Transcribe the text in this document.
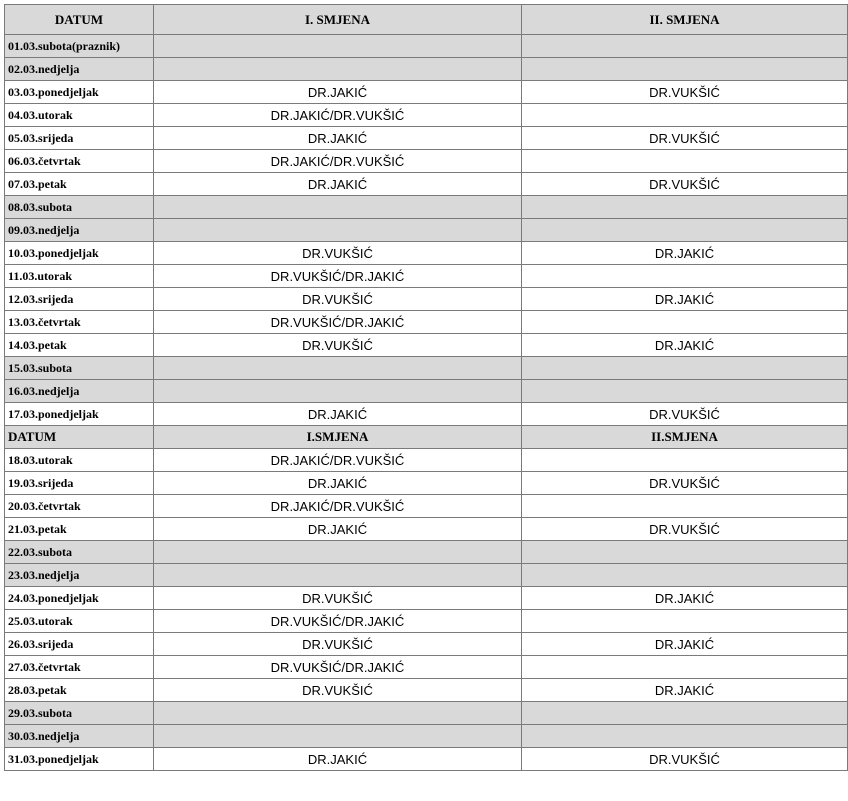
DATUM	I. SMJENA	II. SMJENA
01.03.subota(praznik)		
02.03.nedjelja		
03.03.ponedjeljak	DR.JAKIĆ	DR.VUKŠIĆ
04.03.utorak	DR.JAKIĆ/DR.VUKŠIĆ	
05.03.srijeda	DR.JAKIĆ	DR.VUKŠIĆ
06.03.četvrtak	DR.JAKIĆ/DR.VUKŠIĆ	
07.03.petak	DR.JAKIĆ	DR.VUKŠIĆ
08.03.subota		
09.03.nedjelja		
10.03.ponedjeljak	DR.VUKŠIĆ	DR.JAKIĆ
11.03.utorak	DR.VUKŠIĆ/DR.JAKIĆ	
12.03.srijeda	DR.VUKŠIĆ	DR.JAKIĆ
13.03.četvrtak	DR.VUKŠIĆ/DR.JAKIĆ	
14.03.petak	DR.VUKŠIĆ	DR.JAKIĆ
15.03.subota		
16.03.nedjelja		
17.03.ponedjeljak	DR.JAKIĆ	DR.VUKŠIĆ
DATUM	I.SMJENA	II.SMJENA
18.03.utorak	DR.JAKIĆ/DR.VUKŠIĆ	
19.03.srijeda	DR.JAKIĆ	DR.VUKŠIĆ
20.03.četvrtak	DR.JAKIĆ/DR.VUKŠIĆ	
21.03.petak	DR.JAKIĆ	DR.VUKŠIĆ
22.03.subota		
23.03.nedjelja		
24.03.ponedjeljak	DR.VUKŠIĆ	DR.JAKIĆ
25.03.utorak	DR.VUKŠIĆ/DR.JAKIĆ	
26.03.srijeda	DR.VUKŠIĆ	DR.JAKIĆ
27.03.četvrtak	DR.VUKŠIĆ/DR.JAKIĆ	
28.03.petak	DR.VUKŠIĆ	DR.JAKIĆ
29.03.subota		
30.03.nedjelja		
31.03.ponedjeljak	DR.JAKIĆ	DR.VUKŠIĆ
